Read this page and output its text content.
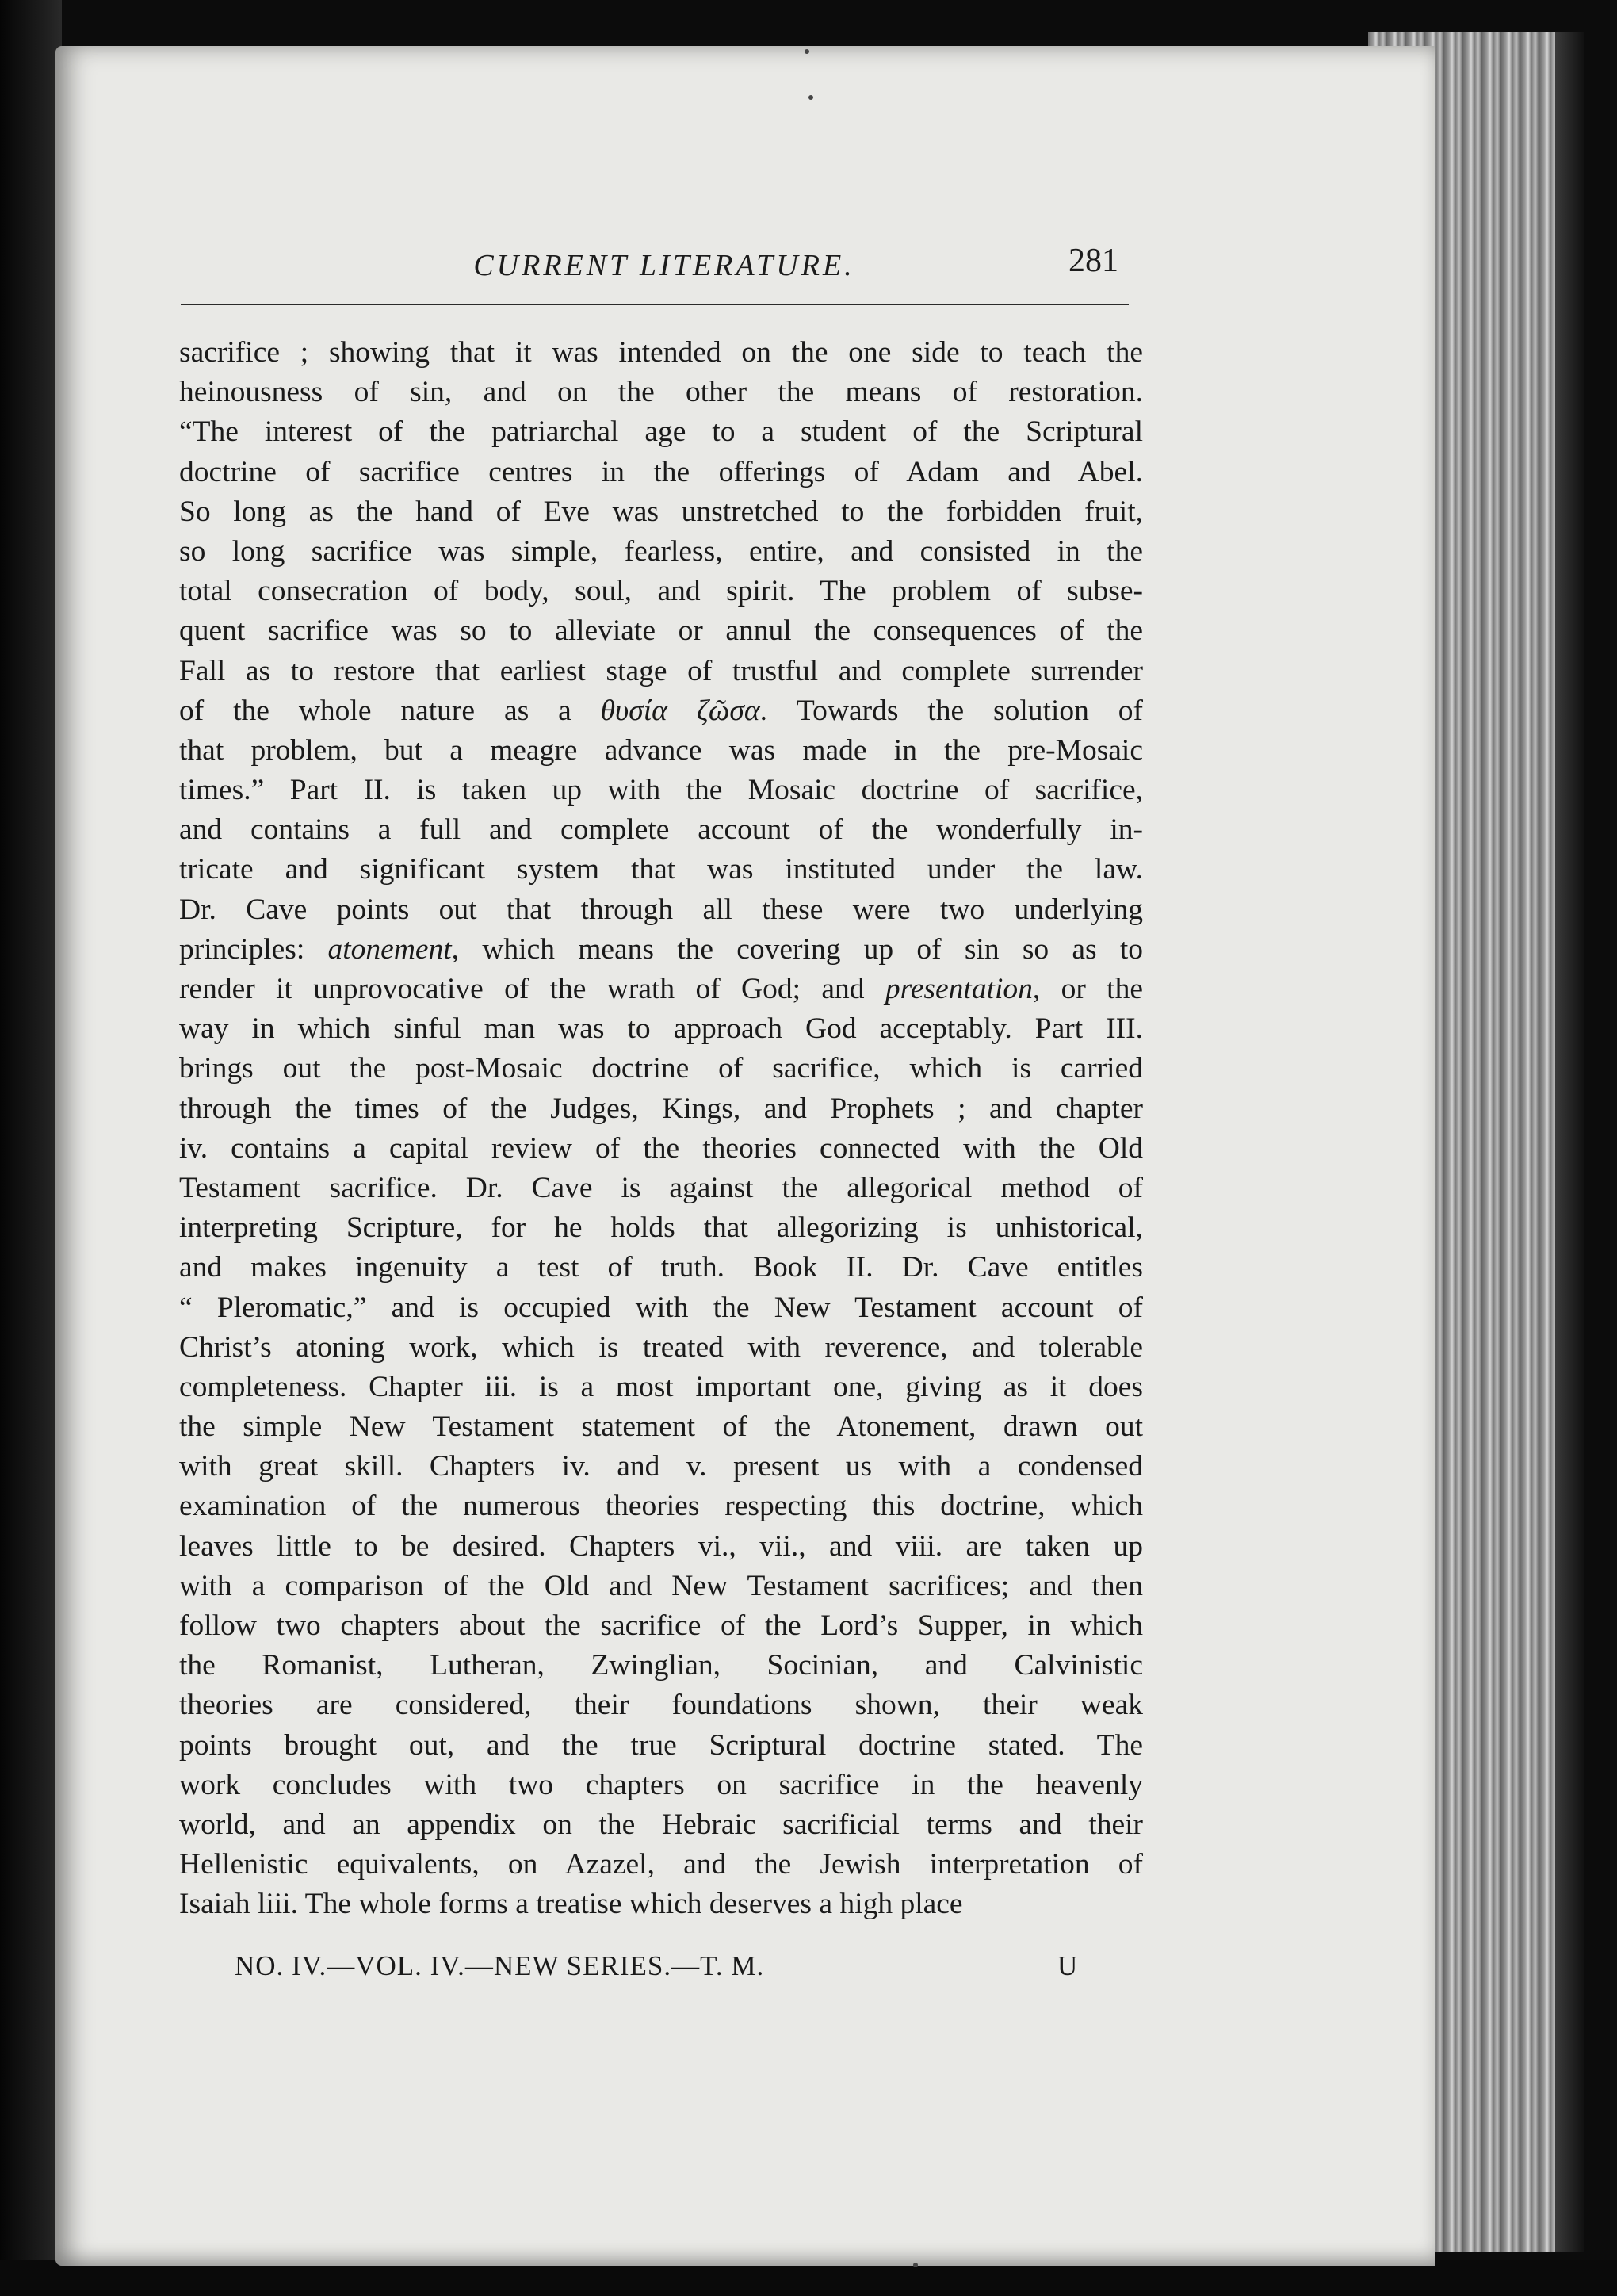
CURRENT LITERATURE.	281
sacrifice ; showing that it was intended on the one side to teach the
heinousness of sin, and on the other the means of restoration.
“The interest of the patriarchal age to a student of the Scriptural
doctrine of sacrifice centres in the offerings of Adam and Abel.
So long as the hand of Eve was unstretched to the forbidden fruit,
so long sacrifice was simple, fearless, entire, and consisted in the
total consecration of body, soul, and spirit. The problem of subse-
quent sacrifice was so to alleviate or annul the consequences of the
Fall as to restore that earliest stage of trustful and complete surrender
of the whole nature as a θυσία ζῶσα. Towards the solution of
that problem, but a meagre advance was made in the pre-Mosaic
times.” Part II. is taken up with the Mosaic doctrine of sacrifice,
and contains a full and complete account of the wonderfully in-
tricate and significant system that was instituted under the law.
Dr. Cave points out that through all these were two underlying
principles: atonement, which means the covering up of sin so as to
render it unprovocative of the wrath of God; and presentation, or the
way in which sinful man was to approach God acceptably. Part III.
brings out the post-Mosaic doctrine of sacrifice, which is carried
through the times of the Judges, Kings, and Prophets ; and chapter
iv. contains a capital review of the theories connected with the Old
Testament sacrifice. Dr. Cave is against the allegorical method of
interpreting Scripture, for he holds that allegorizing is unhistorical,
and makes ingenuity a test of truth. Book II. Dr. Cave entitles
“ Pleromatic,” and is occupied with the New Testament account of
Christ’s atoning work, which is treated with reverence, and tolerable
completeness. Chapter iii. is a most important one, giving as it does
the simple New Testament statement of the Atonement, drawn out
with great skill. Chapters iv. and v. present us with a condensed
examination of the numerous theories respecting this doctrine, which
leaves little to be desired. Chapters vi., vii., and viii. are taken up
with a comparison of the Old and New Testament sacrifices; and then
follow two chapters about the sacrifice of the Lord’s Supper, in which
the Romanist, Lutheran, Zwinglian, Socinian, and Calvinistic
theories are considered, their foundations shown, their weak
points brought out, and the true Scriptural doctrine stated. The
work concludes with two chapters on sacrifice in the heavenly
world, and an appendix on the Hebraic sacrificial terms and their
Hellenistic equivalents, on Azazel, and the Jewish interpretation of
Isaiah liii. The whole forms a treatise which deserves a high place
NO. IV.—VOL. IV.—NEW SERIES.—T. M.	U
